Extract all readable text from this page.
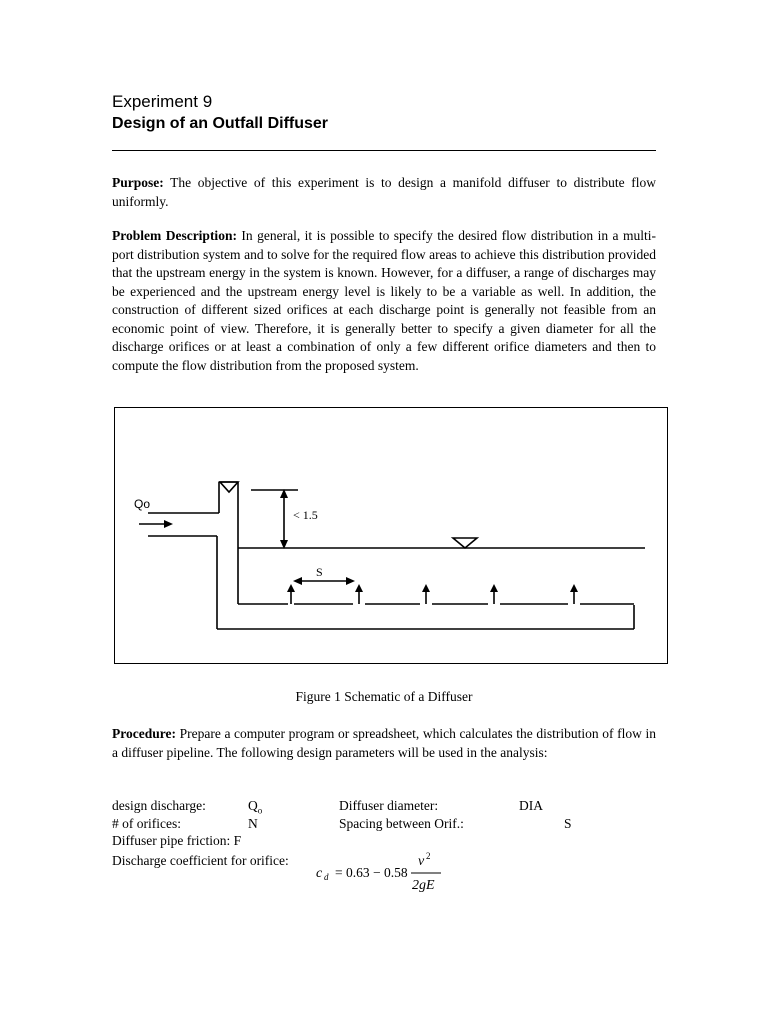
Experiment 9
Design of an Outfall Diffuser

Purpose: The objective of this experiment is to design a manifold diffuser to distribute flow uniformly.

Problem Description: In general, it is possible to specify the desired flow distribution in a multi-port distribution system and to solve for the required flow areas to achieve this distribution provided that the upstream energy in the system is known. However, for a diffuser, a range of discharges may be experienced and the upstream energy level is likely to be a variable as well. In addition, the construction of different sized orifices at each discharge point is generally not feasible from an economic point of view. Therefore, it is generally better to specify a given diameter for all the discharge orifices or at least a combination of only a few different orifice diameters and then to compute the flow distribution from the proposed system.

Qo
< 1.5
S
Figure 1 Schematic of a Diffuser

Procedure: Prepare a computer program or spreadsheet, which calculates the distribution of flow in a diffuser pipeline. The following design parameters will be used in the analysis:

design discharge:	$Q_o$	Diffuser diameter:	DIA
# of orifices:	N	Spacing between Orif.:	S
Diffuser pipe friction: F
Discharge coefficient for orifice:
c d = 0.63 − 0.58
v 2
2gE
